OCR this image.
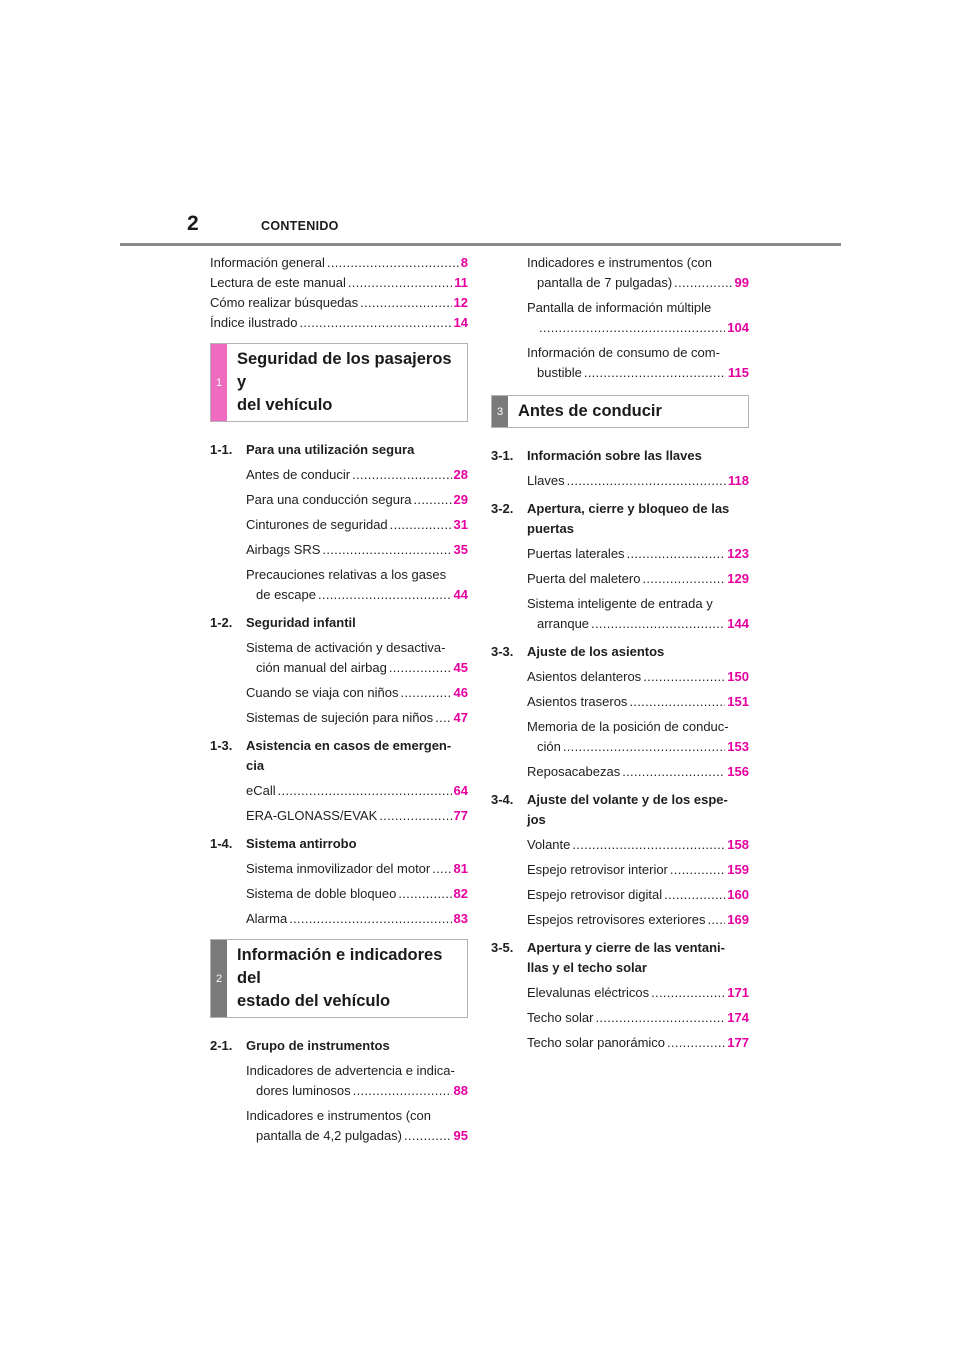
2	CONTENIDO
Información general .....	8
Lectura de este manual .....	11
Cómo realizar búsquedas .....	12
Índice ilustrado .....	14
1
Seguridad de los pasajeros y
del vehículo
1-1.	Para una utilización segura
Antes de conducir .....	28
Para una conducción segura .....	29
Cinturones de seguridad .....	31
Airbags SRS .....	35
Precauciones relativas a los gases
de escape .....	44
1-2.	Seguridad infantil
Sistema de activación y desactiva-
ción manual del airbag .....	45
Cuando se viaja con niños .....	46
Sistemas de sujeción para niños ..... 47
1-3.	Asistencia en casos de emergen-
cia
eCall .....	64
ERA-GLONASS/EVAK .....	77
1-4.	Sistema antirrobo
Sistema inmovilizador del motor ..... 81
Sistema de doble bloqueo .....	82
Alarma .....	83
2
Información e indicadores del
estado del vehículo
2-1.	Grupo de instrumentos
Indicadores de advertencia e indica-
dores luminosos .....	88
Indicadores e instrumentos (con
pantalla de 4,2 pulgadas) .....	95
Indicadores e instrumentos (con
pantalla de 7 pulgadas) .....	99
Pantalla de información múltiple
.....
104
Información de consumo de com-
bustible .....	115
3 Antes de conducir
3-1.	Información sobre las llaves
Llaves .....	118
3-2.	Apertura, cierre y bloqueo de las
puertas
Puertas laterales .....	123
Puerta del maletero .....	129
Sistema inteligente de entrada y
arranque .....	144
3-3.	Ajuste de los asientos
Asientos delanteros .....	150
Asientos traseros .....	151
Memoria de la posición de conduc-
ción .....	153
Reposacabezas .....	156
3-4.	Ajuste del volante y de los espe-
jos
Volante .....	158
Espejo retrovisor interior .....	159
Espejo retrovisor digital .....	160
Espejos retrovisores exteriores ..... 169
3-5.	Apertura y cierre de las ventani-
llas y el techo solar
Elevalunas eléctricos .....	171
Techo solar .....	174
Techo solar panorámico .....	177
